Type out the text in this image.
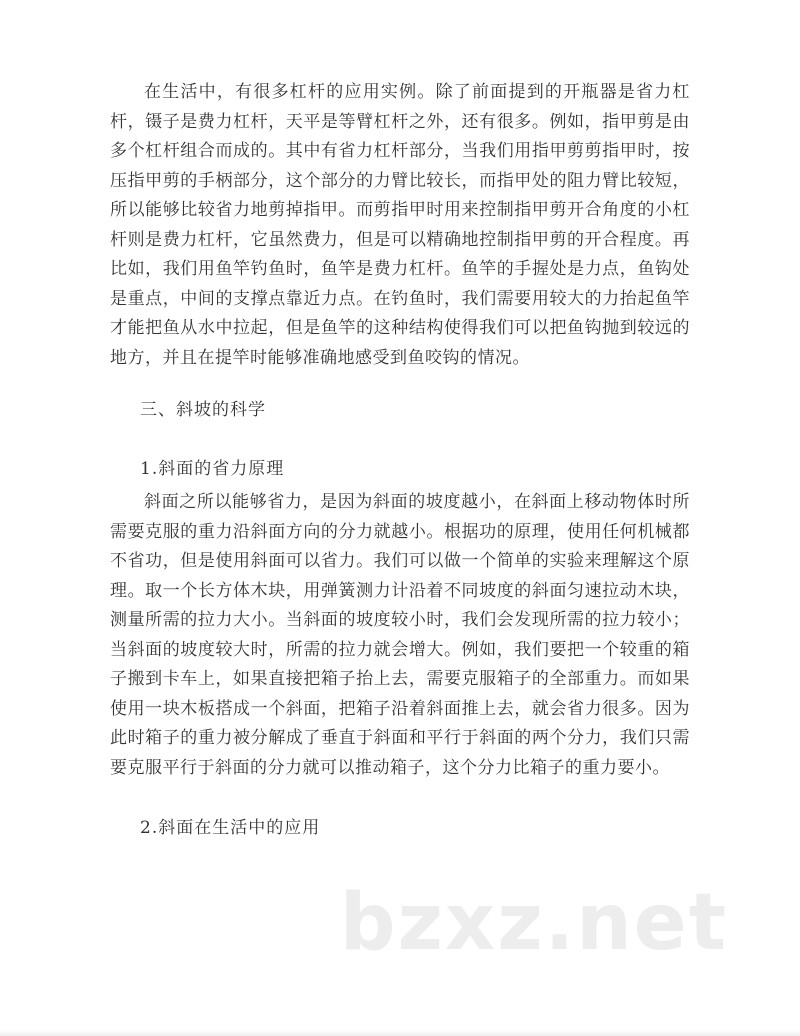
在生活中，有很多杠杆的应用实例。除了前面提到的开瓶器是省力杠杆，镊子是费力杠杆，天平是等臂杠杆之外，还有很多。例如，指甲剪是由多个杠杆组合而成的。其中有省力杠杆部分，当我们用指甲剪剪指甲时，按压指甲剪的手柄部分，这个部分的力臂比较长，而指甲处的阻力臂比较短，所以能够比较省力地剪掉指甲。而剪指甲时用来控制指甲剪开合角度的小杠杆则是费力杠杆，它虽然费力，但是可以精确地控制指甲剪的开合程度。再比如，我们用鱼竿钓鱼时，鱼竿是费力杠杆。鱼竿的手握处是力点，鱼钩处是重点，中间的支撑点靠近力点。在钓鱼时，我们需要用较大的力抬起鱼竿才能把鱼从水中拉起，但是鱼竿的这种结构使得我们可以把鱼钩抛到较远的地方，并且在提竿时能够准确地感受到鱼咬钩的情况。

三、斜坡的科学

1.斜面的省力原理

斜面之所以能够省力，是因为斜面的坡度越小，在斜面上移动物体时所需要克服的重力沿斜面方向的分力就越小。根据功的原理，使用任何机械都不省功，但是使用斜面可以省力。我们可以做一个简单的实验来理解这个原理。取一个长方体木块，用弹簧测力计沿着不同坡度的斜面匀速拉动木块，测量所需的拉力大小。当斜面的坡度较小时，我们会发现所需的拉力较小；当斜面的坡度较大时，所需的拉力就会增大。例如，我们要把一个较重的箱子搬到卡车上，如果直接把箱子抬上去，需要克服箱子的全部重力。而如果使用一块木板搭成一个斜面，把箱子沿着斜面推上去，就会省力很多。因为此时箱子的重力被分解成了垂直于斜面和平行于斜面的两个分力，我们只需要克服平行于斜面的分力就可以推动箱子，这个分力比箱子的重力要小。

2.斜面在生活中的应用

bzxz.net
